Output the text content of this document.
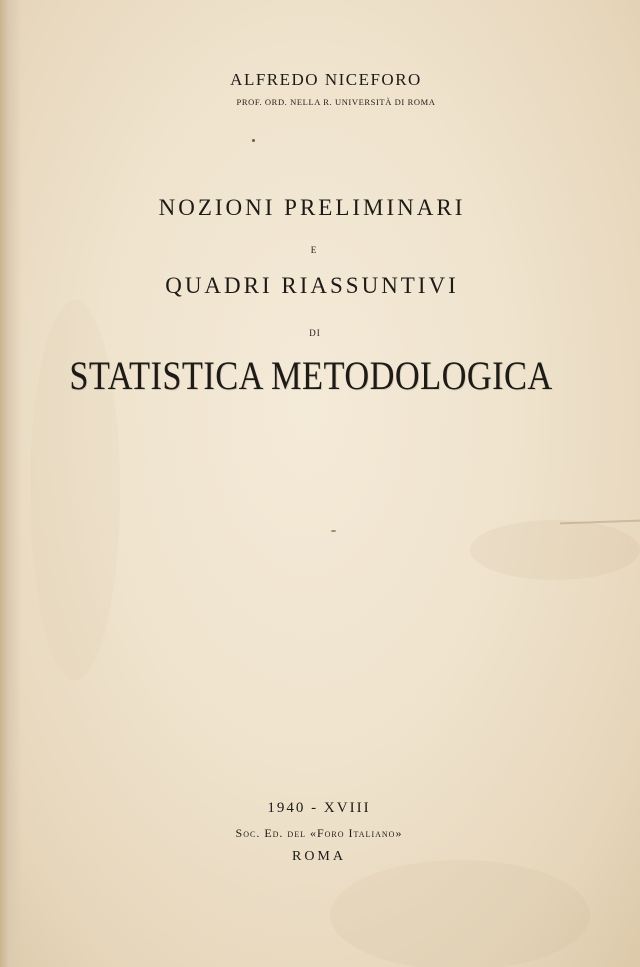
ALFREDO NICEFORO

PROF. ORD. NELLA R. UNIVERSITÀ DI ROMA

NOZIONI PRELIMINARI

E

QUADRI RIASSUNTIVI

DI

STATISTICA METODOLOGICA

1940 - XVIII

Soc. Ed. del «Foro Italiano»

ROMA
